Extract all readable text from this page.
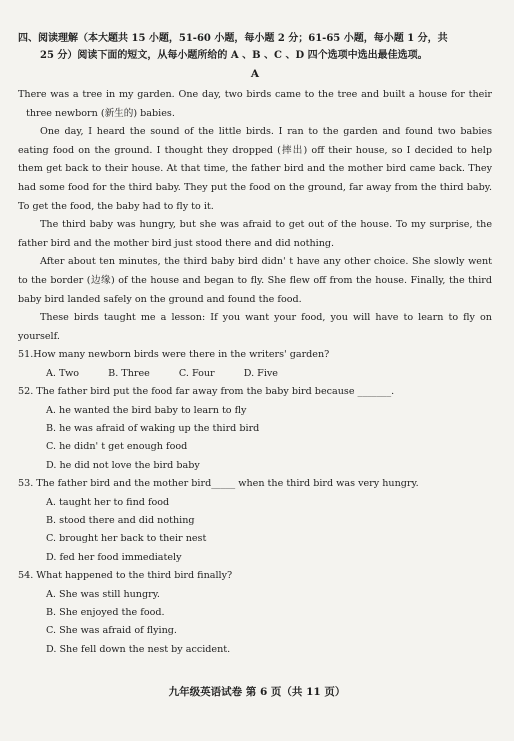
四、阅读理解（本大题共 15 小题，51-60 小题，每小题 2 分；61-65 小题，每小题 1 分，共
25 分）阅读下面的短文，从每小题所给的 A 、B 、C 、D 四个选项中选出最佳选项。
A

There was a tree in my garden. One day, two birds came to the tree and built a house for their three newborn (新生的) babies.

One day, I heard the sound of the little birds. I ran to the garden and found two babies eating food on the ground. I thought they dropped (摔出) off their house, so I decided to help them get back to their house. At that time, the father bird and the mother bird came back. They had some food for the third baby. They put the food on the ground, far away from the third baby. To get the food, the baby had to fly to it.

The third baby was hungry, but she was afraid to get out of the house. To my surprise, the father bird and the mother bird just stood there and did nothing.

After about ten minutes, the third baby bird didn' t have any other choice. She slowly went to the border (边缘) of the house and began to fly. She flew off from the house. Finally, the third baby bird landed safely on the ground and found the food.

These birds taught me a lesson: If you want your food, you will have to learn to fly on yourself.

51.How many newborn birds were there in the writers' garden?

A. Two	B. Three	C. Four	D. Five

52. The father bird put the food far away from the baby bird because _______.

A. he wanted the bird baby to learn to fly

B. he was afraid of waking up the third bird

C. he didn' t get enough food

D. he did not love the bird baby

53. The father bird and the mother bird_____ when the third bird was very hungry.

A. taught her to find food

B. stood there and did nothing

C. brought her back to their nest

D. fed her food immediately

54. What happened to the third bird finally?

A. She was still hungry.

B. She enjoyed the food.

C. She was afraid of flying.

D. She fell down the nest by accident.

九年级英语试卷 第 6 页（共 11 页）
